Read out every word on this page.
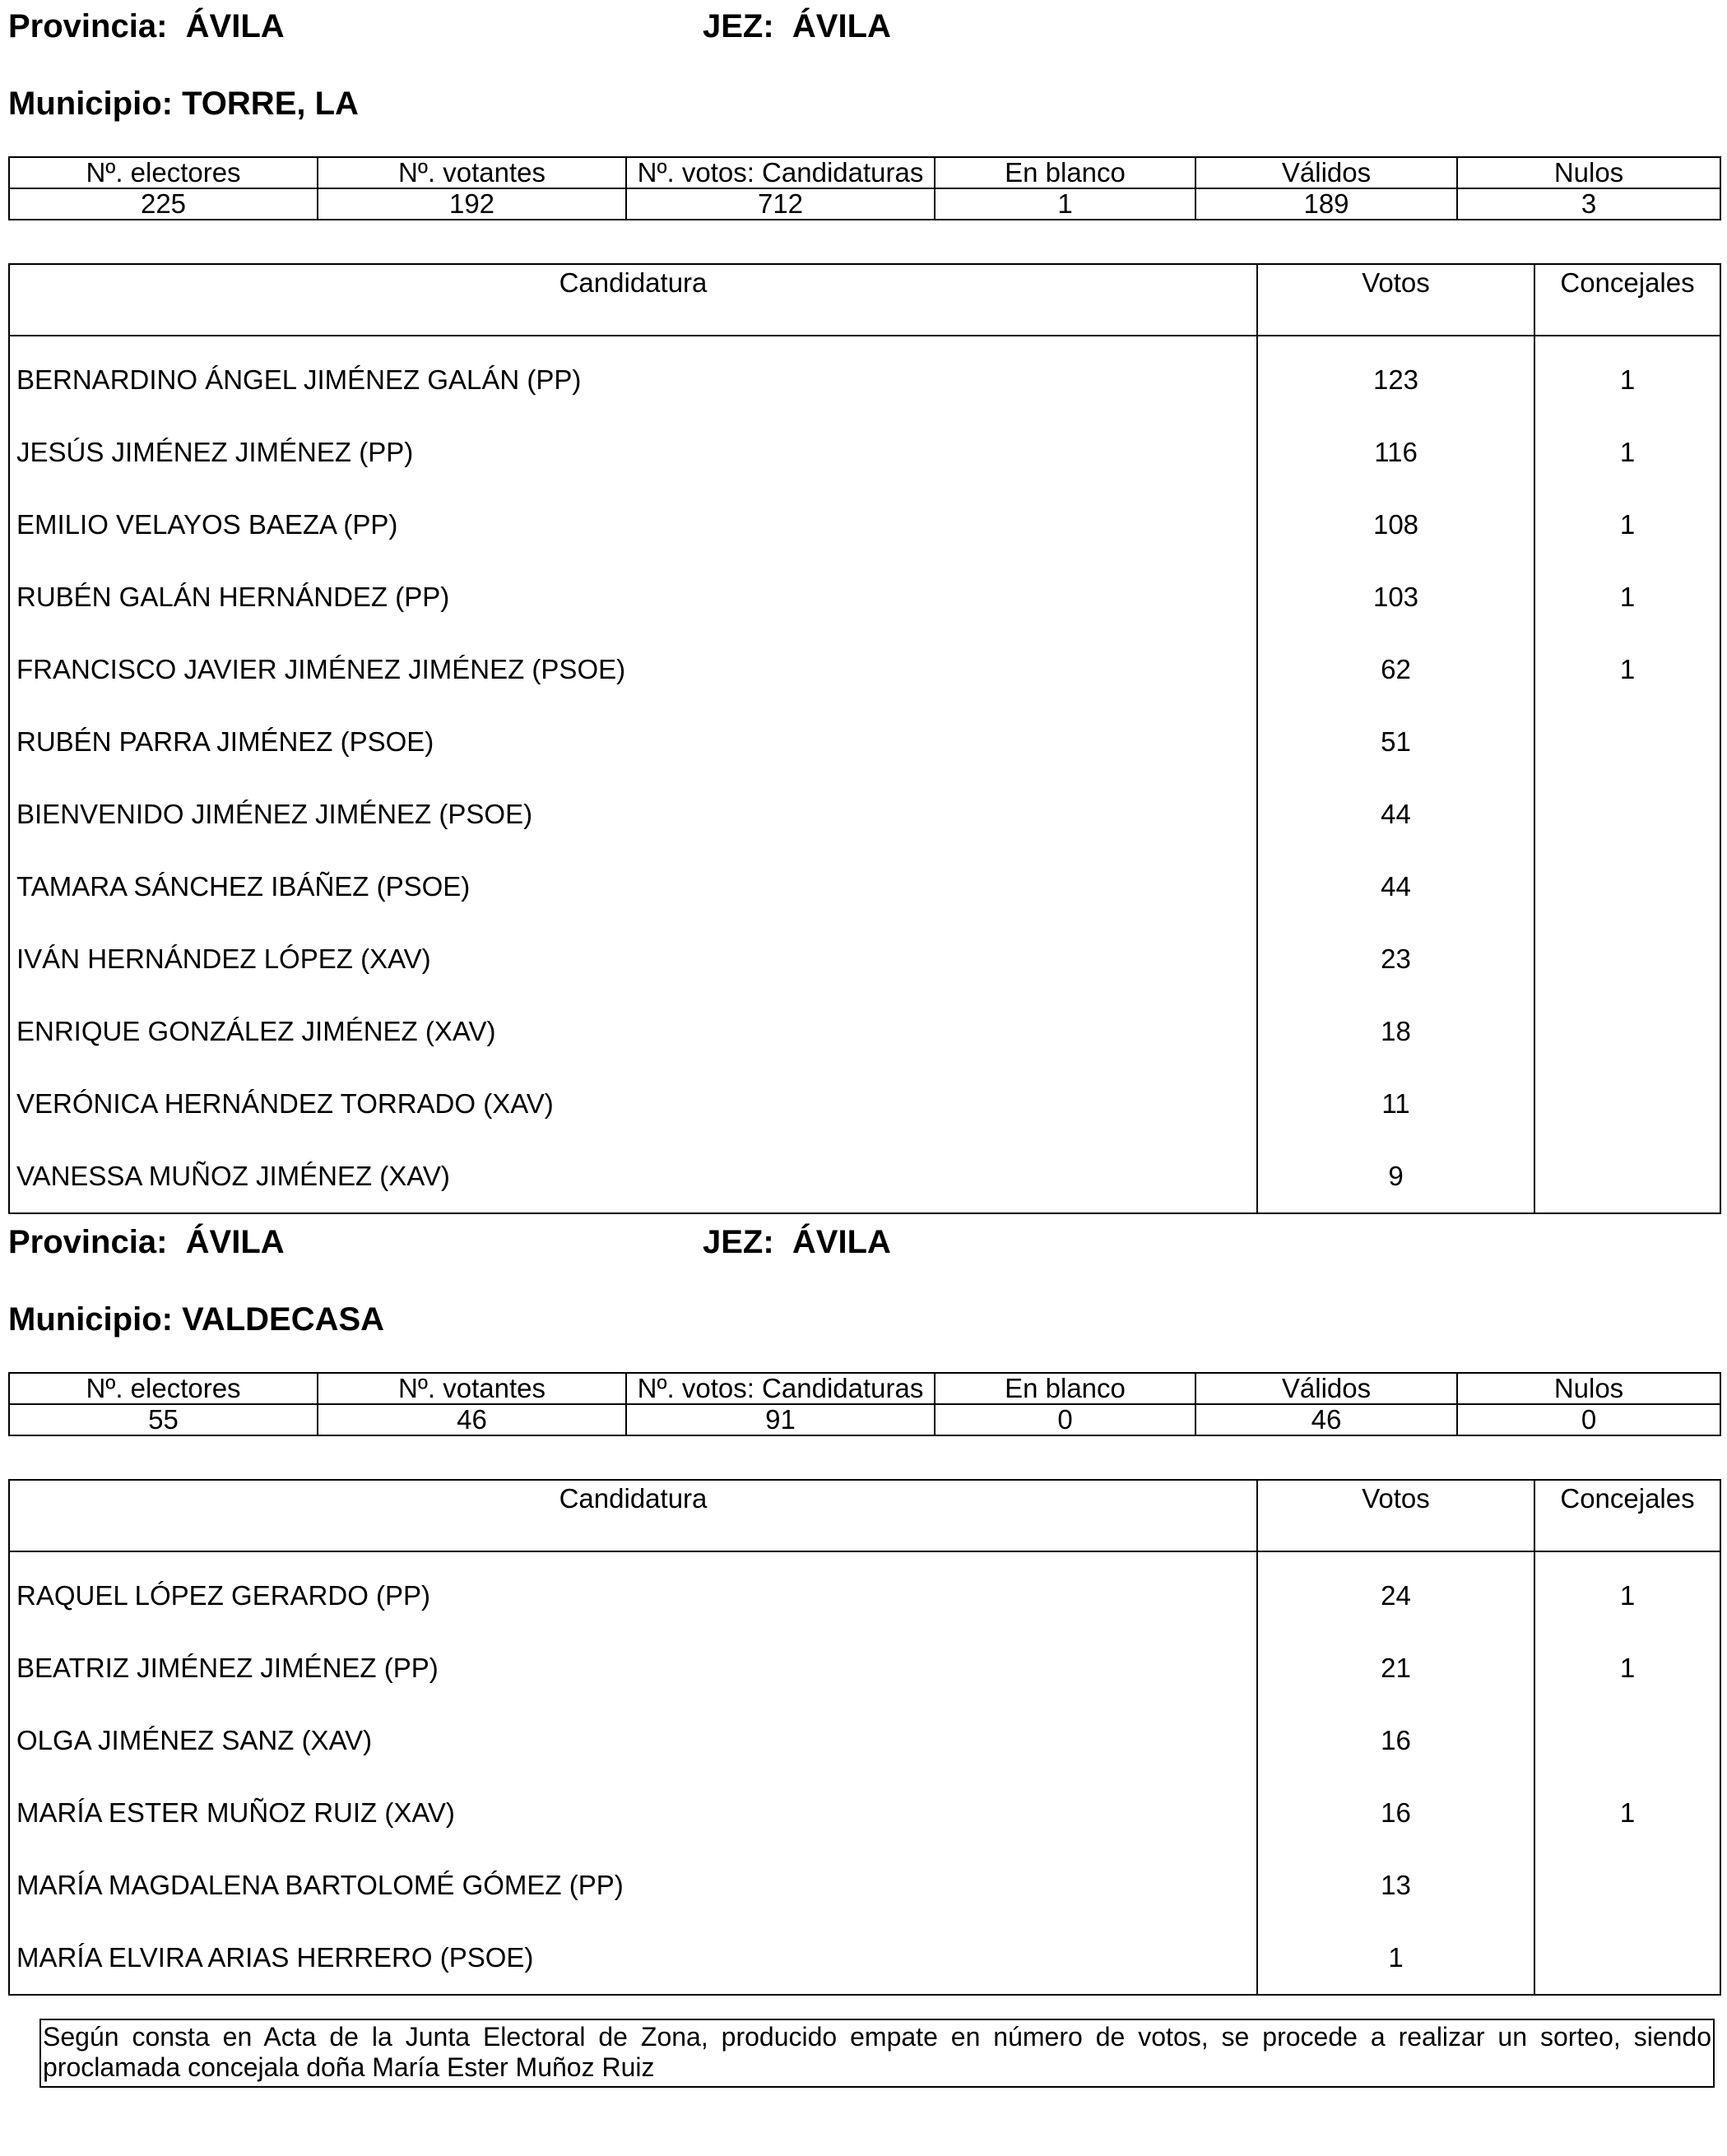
Provincia: ÁVILA	JEZ: ÁVILA
Municipio: TORRE, LA
Nº. electores	Nº. votantes	Nº. votos: Candidaturas	En blanco	Válidos	Nulos
225	192	712	1	189	3
Candidatura	Votos	Concejales
BERNARDINO ÁNGEL JIMÉNEZ GALÁN (PP)	123	1
JESÚS JIMÉNEZ JIMÉNEZ (PP)	116	1
EMILIO VELAYOS BAEZA (PP)	108	1
RUBÉN GALÁN HERNÁNDEZ (PP)	103	1
FRANCISCO JAVIER JIMÉNEZ JIMÉNEZ (PSOE)	62	1
RUBÉN PARRA JIMÉNEZ (PSOE)	51	
BIENVENIDO JIMÉNEZ JIMÉNEZ (PSOE)	44	
TAMARA SÁNCHEZ IBÁÑEZ (PSOE)	44	
IVÁN HERNÁNDEZ LÓPEZ (XAV)	23	
ENRIQUE GONZÁLEZ JIMÉNEZ (XAV)	18	
VERÓNICA HERNÁNDEZ TORRADO (XAV)	11	
VANESSA MUÑOZ JIMÉNEZ (XAV)	9	
Provincia: ÁVILA	JEZ: ÁVILA
Municipio: VALDECASA
Nº. electores	Nº. votantes	Nº. votos: Candidaturas	En blanco	Válidos	Nulos
55	46	91	0	46	0
Candidatura	Votos	Concejales
RAQUEL LÓPEZ GERARDO (PP)	24	1
BEATRIZ JIMÉNEZ JIMÉNEZ (PP)	21	1
OLGA JIMÉNEZ SANZ (XAV)	16	
MARÍA ESTER MUÑOZ RUIZ (XAV)	16	1
MARÍA MAGDALENA BARTOLOMÉ GÓMEZ (PP)	13	
MARÍA ELVIRA ARIAS HERRERO (PSOE)	1	
Según consta en Acta de la Junta Electoral de Zona, producido empate en número de votos, se procede a realizar un sorteo, siendo proclamada concejala doña María Ester Muñoz Ruiz
